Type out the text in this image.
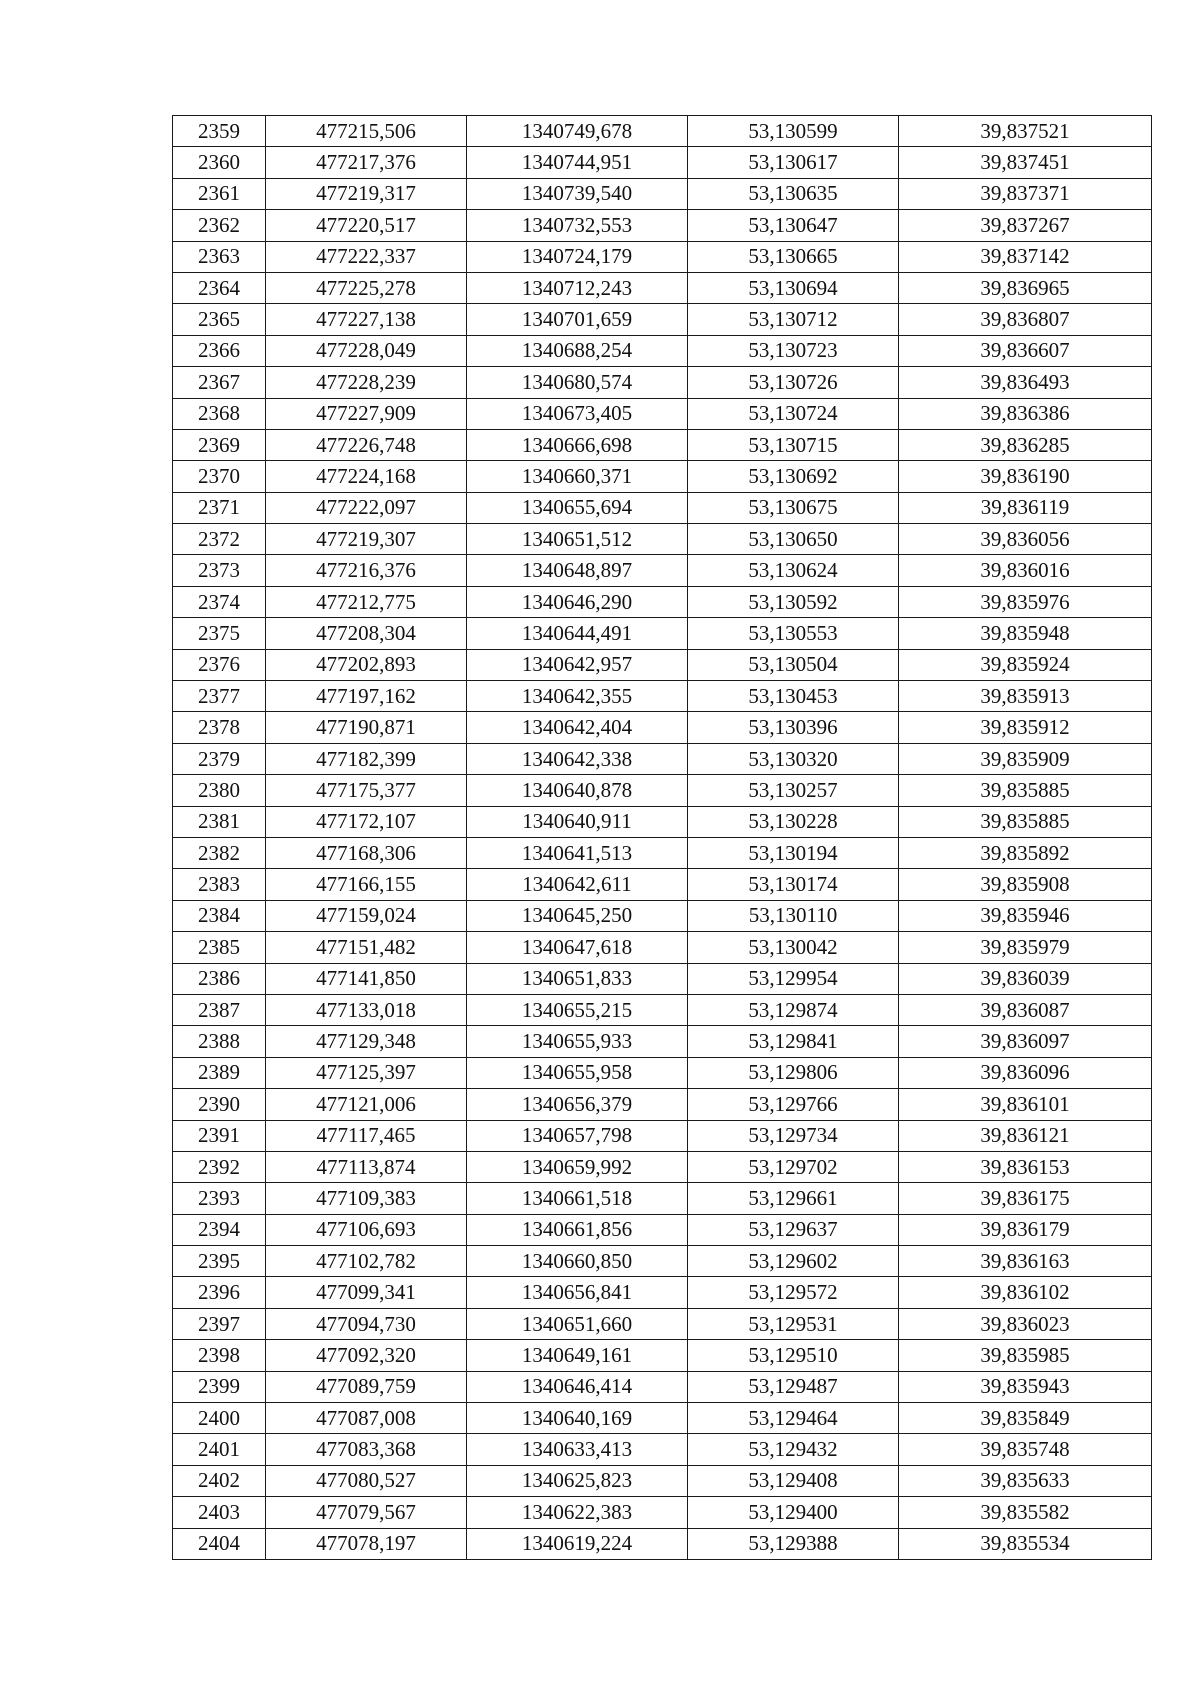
2359	477215,506	1340749,678	53,130599	39,837521
2360	477217,376	1340744,951	53,130617	39,837451
2361	477219,317	1340739,540	53,130635	39,837371
2362	477220,517	1340732,553	53,130647	39,837267
2363	477222,337	1340724,179	53,130665	39,837142
2364	477225,278	1340712,243	53,130694	39,836965
2365	477227,138	1340701,659	53,130712	39,836807
2366	477228,049	1340688,254	53,130723	39,836607
2367	477228,239	1340680,574	53,130726	39,836493
2368	477227,909	1340673,405	53,130724	39,836386
2369	477226,748	1340666,698	53,130715	39,836285
2370	477224,168	1340660,371	53,130692	39,836190
2371	477222,097	1340655,694	53,130675	39,836119
2372	477219,307	1340651,512	53,130650	39,836056
2373	477216,376	1340648,897	53,130624	39,836016
2374	477212,775	1340646,290	53,130592	39,835976
2375	477208,304	1340644,491	53,130553	39,835948
2376	477202,893	1340642,957	53,130504	39,835924
2377	477197,162	1340642,355	53,130453	39,835913
2378	477190,871	1340642,404	53,130396	39,835912
2379	477182,399	1340642,338	53,130320	39,835909
2380	477175,377	1340640,878	53,130257	39,835885
2381	477172,107	1340640,911	53,130228	39,835885
2382	477168,306	1340641,513	53,130194	39,835892
2383	477166,155	1340642,611	53,130174	39,835908
2384	477159,024	1340645,250	53,130110	39,835946
2385	477151,482	1340647,618	53,130042	39,835979
2386	477141,850	1340651,833	53,129954	39,836039
2387	477133,018	1340655,215	53,129874	39,836087
2388	477129,348	1340655,933	53,129841	39,836097
2389	477125,397	1340655,958	53,129806	39,836096
2390	477121,006	1340656,379	53,129766	39,836101
2391	477117,465	1340657,798	53,129734	39,836121
2392	477113,874	1340659,992	53,129702	39,836153
2393	477109,383	1340661,518	53,129661	39,836175
2394	477106,693	1340661,856	53,129637	39,836179
2395	477102,782	1340660,850	53,129602	39,836163
2396	477099,341	1340656,841	53,129572	39,836102
2397	477094,730	1340651,660	53,129531	39,836023
2398	477092,320	1340649,161	53,129510	39,835985
2399	477089,759	1340646,414	53,129487	39,835943
2400	477087,008	1340640,169	53,129464	39,835849
2401	477083,368	1340633,413	53,129432	39,835748
2402	477080,527	1340625,823	53,129408	39,835633
2403	477079,567	1340622,383	53,129400	39,835582
2404	477078,197	1340619,224	53,129388	39,835534
